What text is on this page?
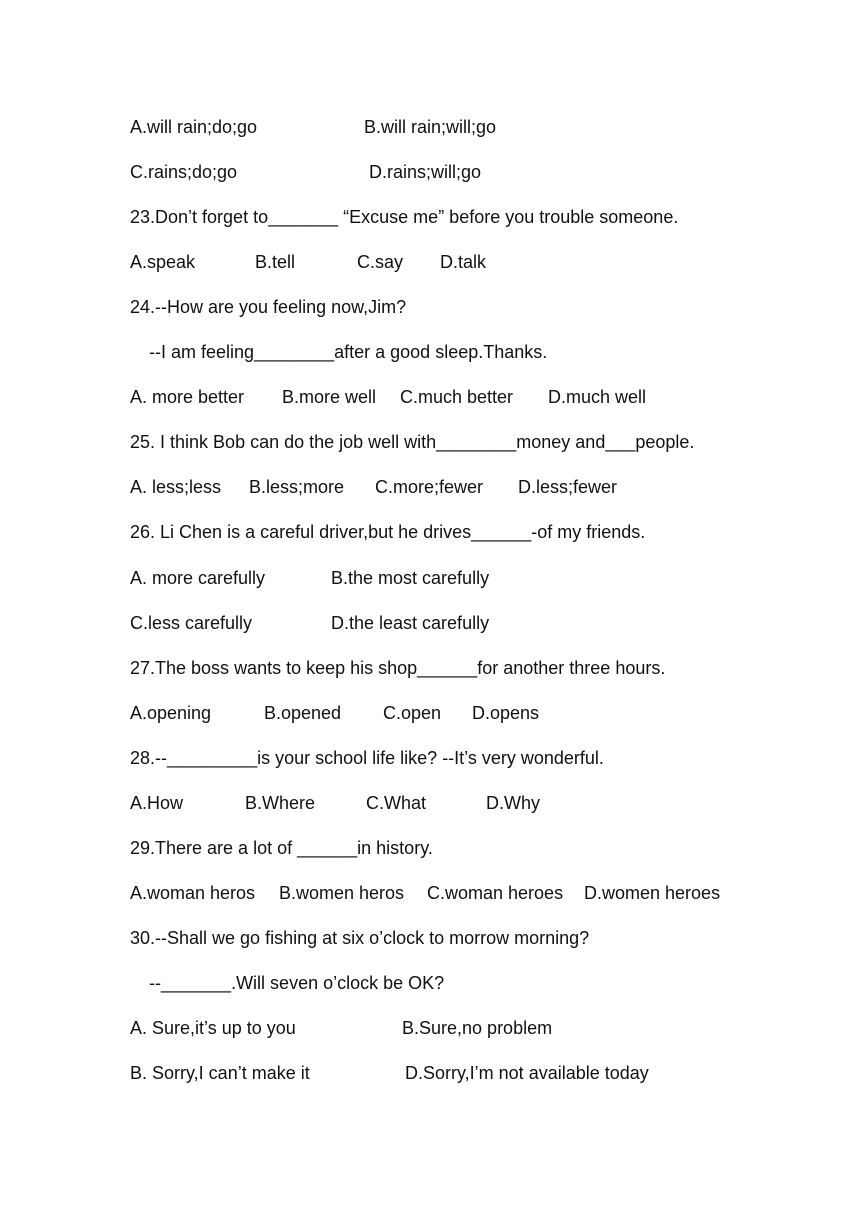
A.will rain;do;go	B.will rain;will;go
C.rains;do;go	D.rains;will;go
23.Don’t forget to_______ “Excuse me” before you trouble someone.
A.speak	B.tell	C.say D.talk
24.--How are you feeling now,Jim?
--I am feeling________after a good sleep.Thanks.
A. more better B.more well C.much better D.much well
25. I think Bob can do the job well with________money and___people.
A. less;less B.less;more C.more;fewer D.less;fewer
26. Li Chen is a careful driver,but he drives______-of my friends.
A. more carefully	B.the most carefully
C.less carefully	D.the least carefully
27.The boss wants to keep his shop______for another three hours.
A.opening	B.opened C.open D.opens
28.--_________is your school life like? --It’s very wonderful.
A.How	B.Where	C.What	D.Why
29.There are a lot of ______in history.
A.woman heros B.women heros C.woman heroes D.women heroes
30.--Shall we go fishing at six o’clock to morrow morning?
--_______.Will seven o’clock be OK?
A. Sure,it’s up to you	B.Sure,no problem
B. Sorry,I can’t make it	D.Sorry,I’m not available today
